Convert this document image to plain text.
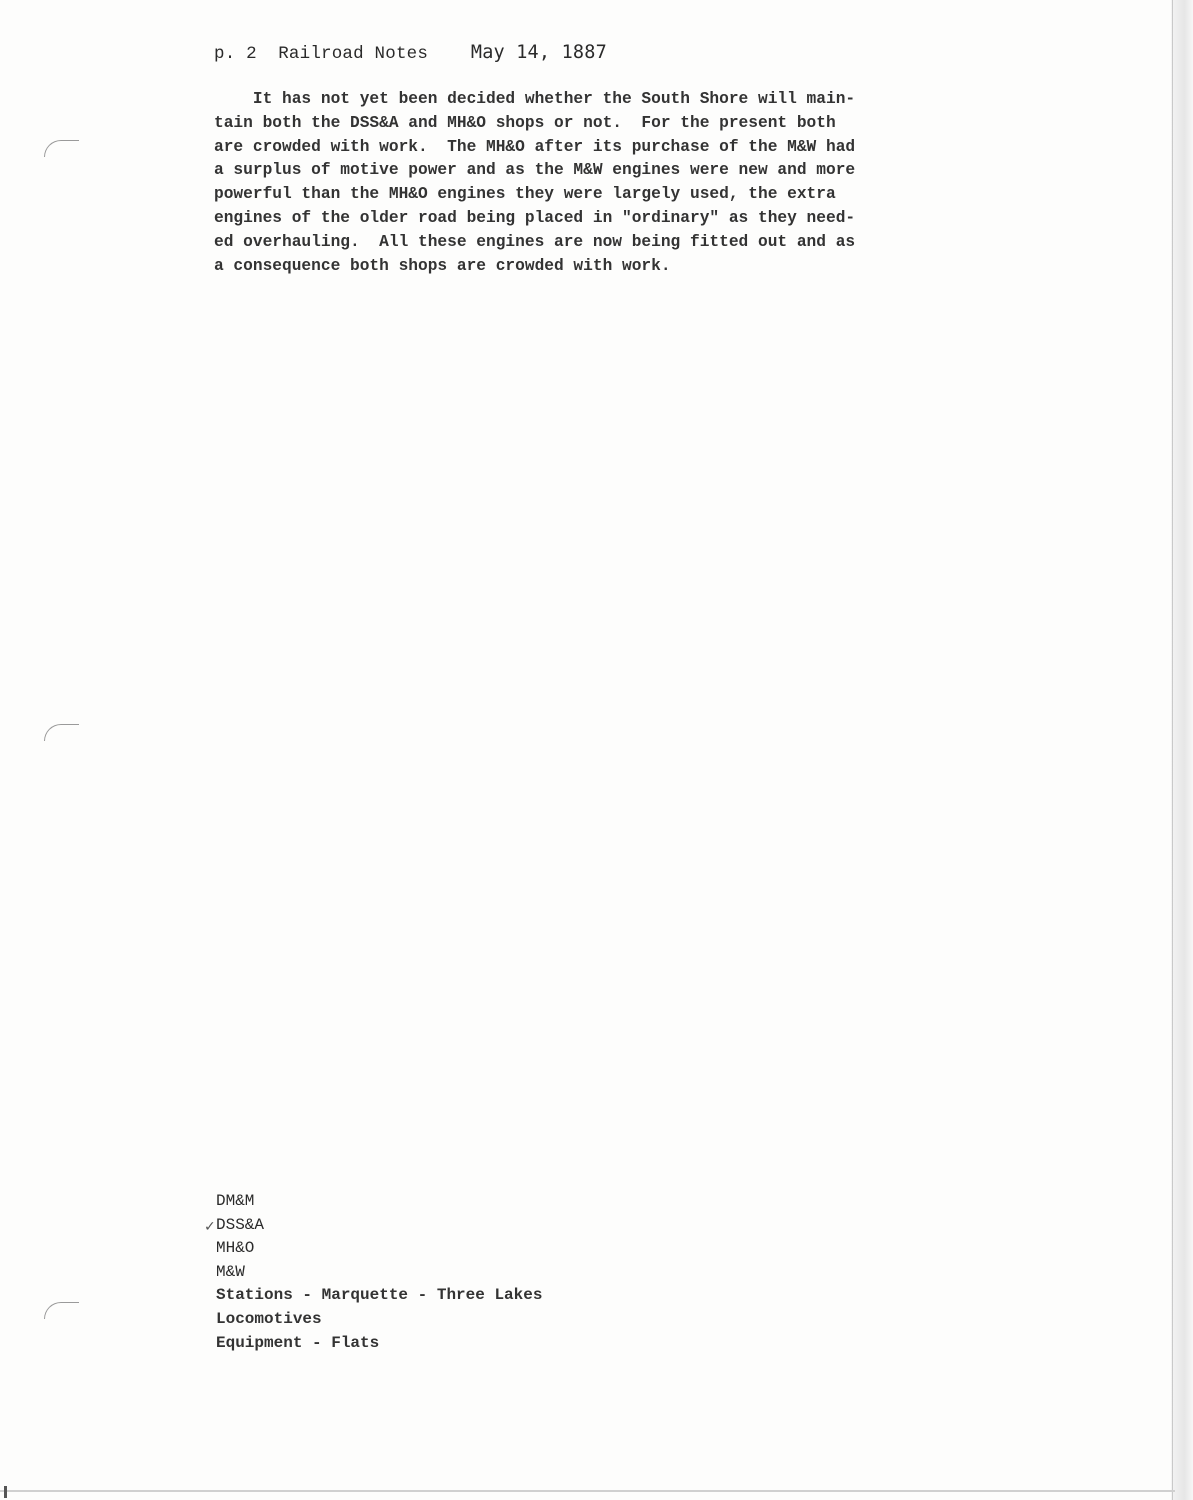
p. 2 Railroad Notes May 14, 1887
It has not yet been decided whether the South Shore will main-
tain both the DSS&A and MH&O shops or not.  For the present both
are crowded with work.  The MH&O after its purchase of the M&W had
a surplus of motive power and as the M&W engines were new and more
powerful than the MH&O engines they were largely used, the extra
engines of the older road being placed in "ordinary" as they need-
ed overhauling.  All these engines are now being fitted out and as
a consequence both shops are crowded with work.
✓
DM&M
DSS&A
MH&O
M&W
Stations - Marquette - Three Lakes
Locomotives
Equipment - Flats
